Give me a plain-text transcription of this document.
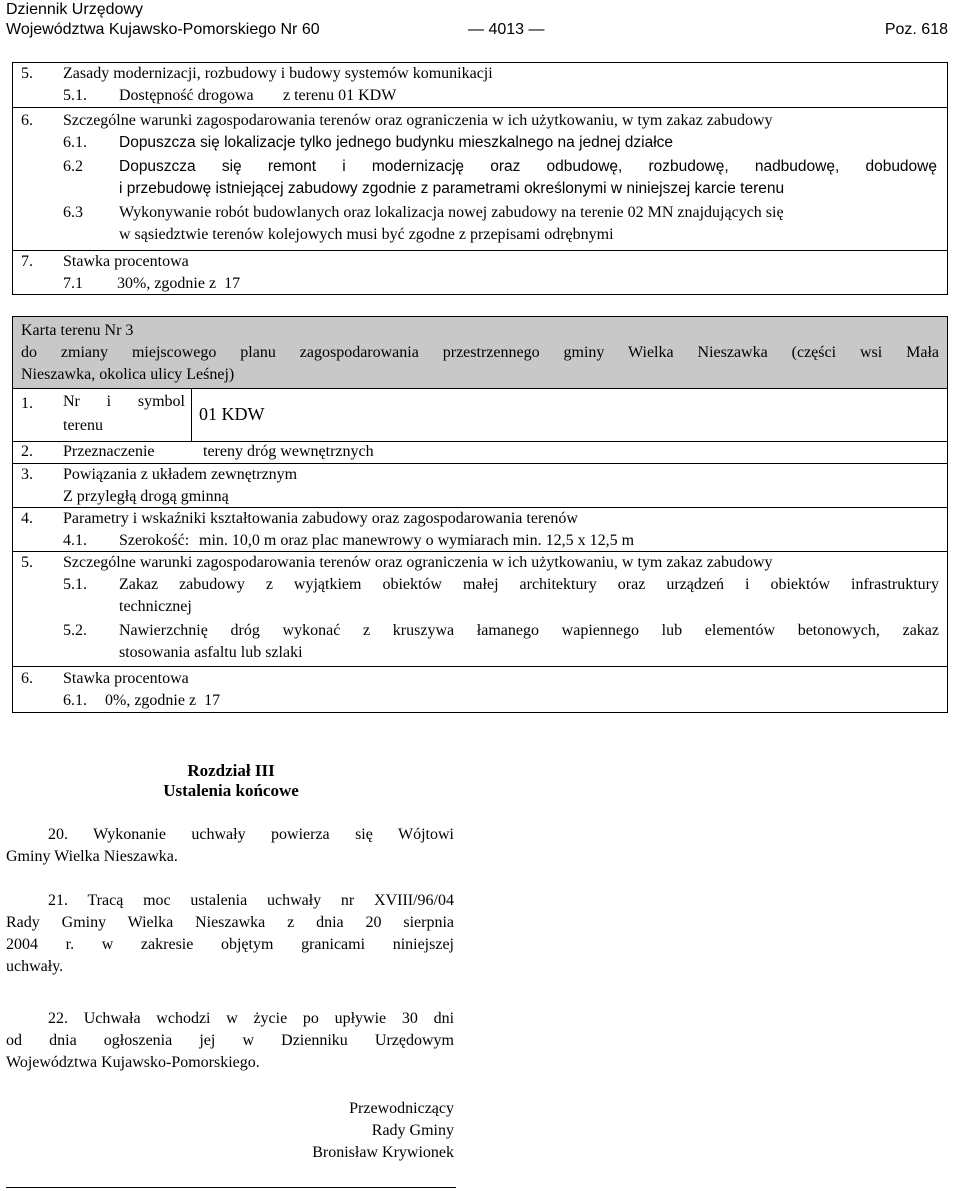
Dziennik Urzędowy
Województwa Kujawsko-Pomorskiego Nr 60	— 4013 —	Poz. 618
5. Zasady modernizacji, rozbudowy i budowy systemów komunikacji
5.1. Dostępność drogowa z terenu 01 KDW
6. Szczególne warunki zagospodarowania terenów oraz ograniczenia w ich użytkowaniu, w tym zakaz zabudowy
6.1. Dopuszcza się lokalizacje tylko jednego budynku mieszkalnego na jednej działce
6.2 Dopuszcza się remont i modernizację oraz odbudowę, rozbudowę, nadbudowę, dobudowę
i przebudowę istniejącej zabudowy zgodnie z parametrami określonymi w niniejszej karcie terenu
6.3 Wykonywanie robót budowlanych oraz lokalizacja nowej zabudowy na terenie 02 MN znajdujących się
w sąsiedztwie terenów kolejowych musi być zgodne z przepisami odrębnymi
7. Stawka procentowa
7.1 30%, zgodnie z  17
Karta terenu Nr 3
do zmiany miejscowego planu zagospodarowania przestrzennego gminy Wielka Nieszawka (części wsi Mała
Nieszawka, okolica ulicy Leśnej)
1. Nr i symbol
terenu
01 KDW
2. Przeznaczenie	tereny dróg wewnętrznych
3. Powiązania z układem zewnętrznym
Z przyległą drogą gminną
4. Parametry i wskaźniki kształtowania zabudowy oraz zagospodarowania terenów
4.1. Szerokość: min. 10,0 m oraz plac manewrowy o wymiarach min. 12,5 x 12,5 m
5. Szczególne warunki zagospodarowania terenów oraz ograniczenia w ich użytkowaniu, w tym zakaz zabudowy
5.1. Zakaz zabudowy z wyjątkiem obiektów małej architektury oraz urządzeń i obiektów infrastruktury
technicznej
5.2. Nawierzchnię dróg wykonać z kruszywa łamanego wapiennego lub elementów betonowych, zakaz
stosowania asfaltu lub szlaki
6. Stawka procentowa
6.1. 0%, zgodnie z  17
Rozdział III
Ustalenia końcowe
20. Wykonanie uchwały powierza się Wójtowi
Gminy Wielka Nieszawka.
21. Tracą moc ustalenia uchwały nr XVIII/96/04
Rady Gminy Wielka Nieszawka z dnia 20 sierpnia
2004 r. w zakresie objętym granicami niniejszej
uchwały.
22. Uchwała wchodzi w życie po upływie 30 dni
od dnia ogłoszenia jej w Dzienniku Urzędowym
Województwa Kujawsko-Pomorskiego.
Przewodniczący
Rady Gminy
Bronisław Krywionek
